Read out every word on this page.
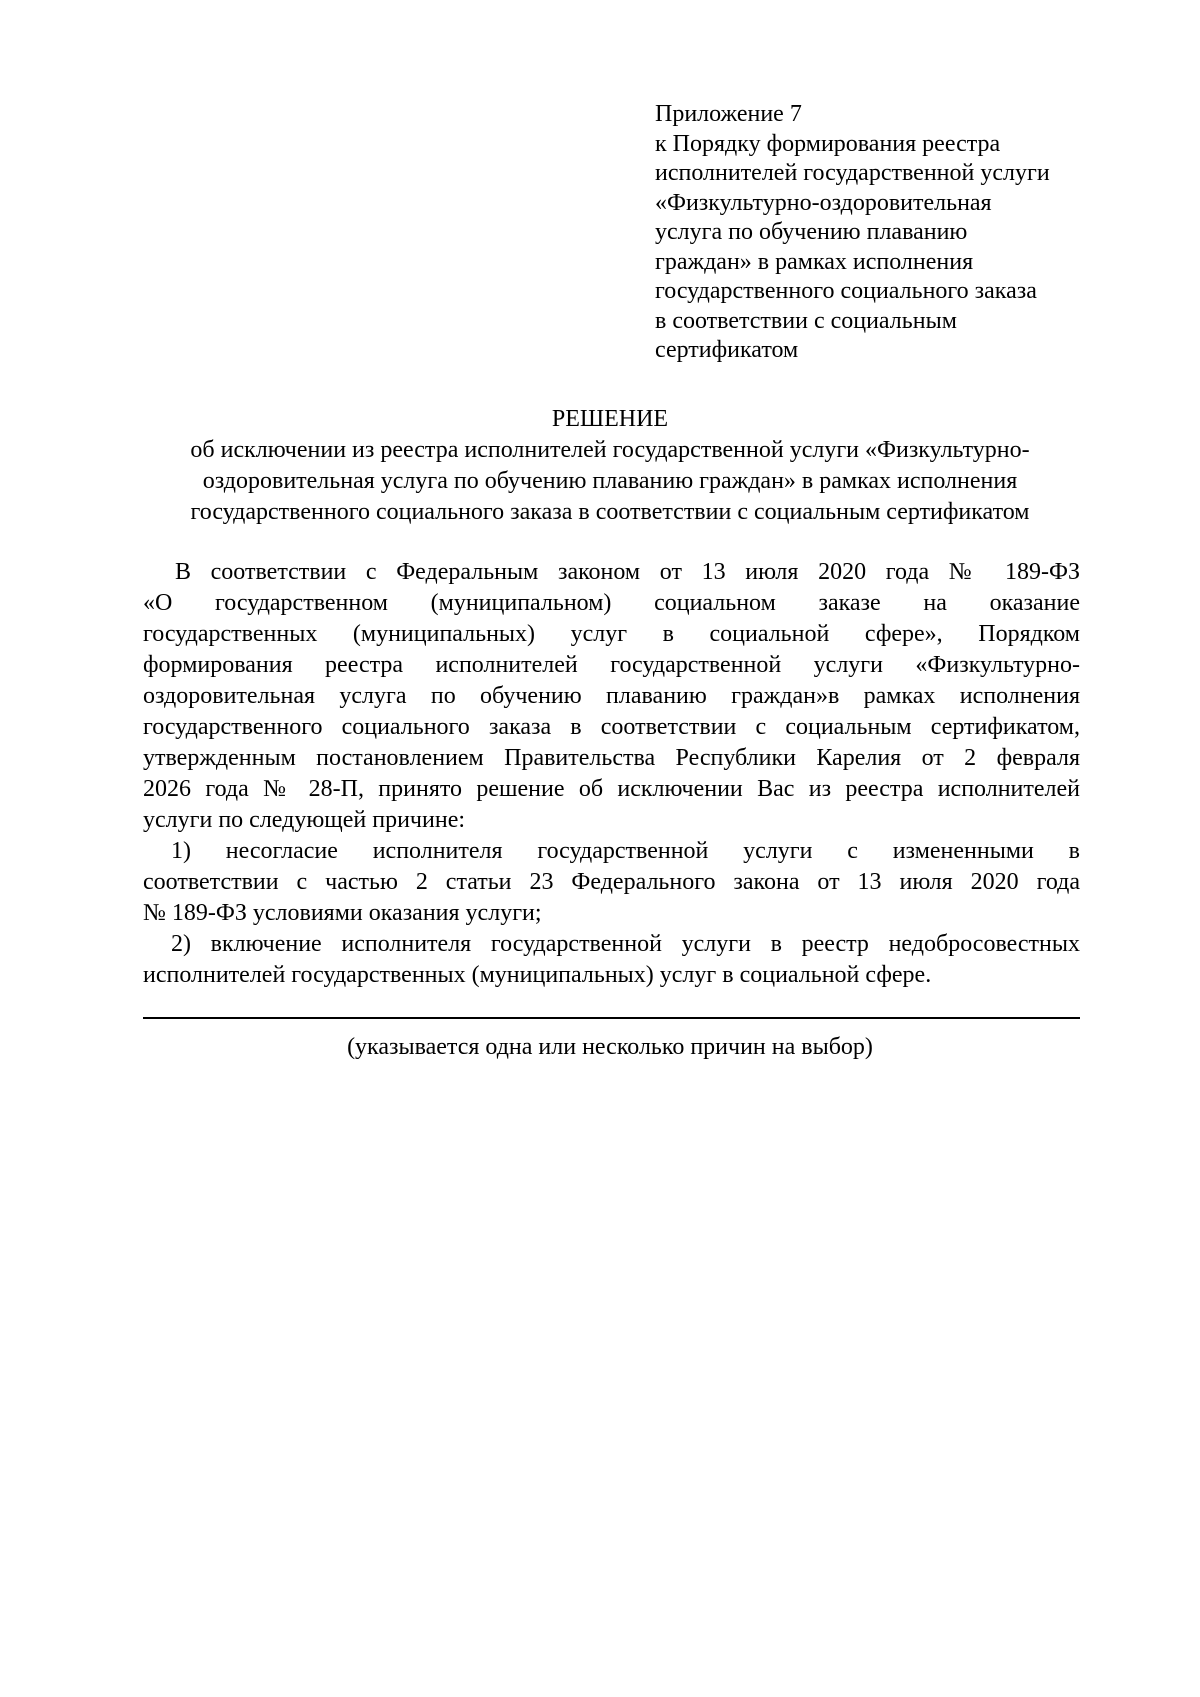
Приложение 7
к Порядку формирования реестра
исполнителей государственной услуги
«Физкультурно-оздоровительная
услуга по обучению плаванию
граждан» в рамках исполнения
государственного социального заказа
в соответствии с социальным
сертификатом
РЕШЕНИЕ
об исключении из реестра исполнителей государственной услуги «Физкультурно-
оздоровительная услуга по обучению плаванию граждан» в рамках исполнения
государственного социального заказа в соответствии с социальным сертификатом
В соответствии с Федеральным законом от 13 июля 2020 года № 189-ФЗ
«О государственном (муниципальном) социальном заказе на оказание
государственных (муниципальных) услуг в социальной сфере», Порядком
формирования реестра исполнителей государственной услуги «Физкультурно-
оздоровительная услуга по обучению плаванию граждан»в рамках исполнения
государственного социального заказа в соответствии с социальным сертификатом,
утвержденным постановлением Правительства Республики Карелия от 2 февраля
2026 года № 28-П, принято решение об исключении Вас из реестра исполнителей
услуги по следующей причине:
1) несогласие исполнителя государственной услуги с измененными в
соответствии с частью 2 статьи 23 Федерального закона от 13 июля 2020 года
№ 189-ФЗ условиями оказания услуги;
2) включение исполнителя государственной услуги в реестр недобросовестных
исполнителей государственных (муниципальных) услуг в социальной сфере.
(указывается одна или несколько причин на выбор)
